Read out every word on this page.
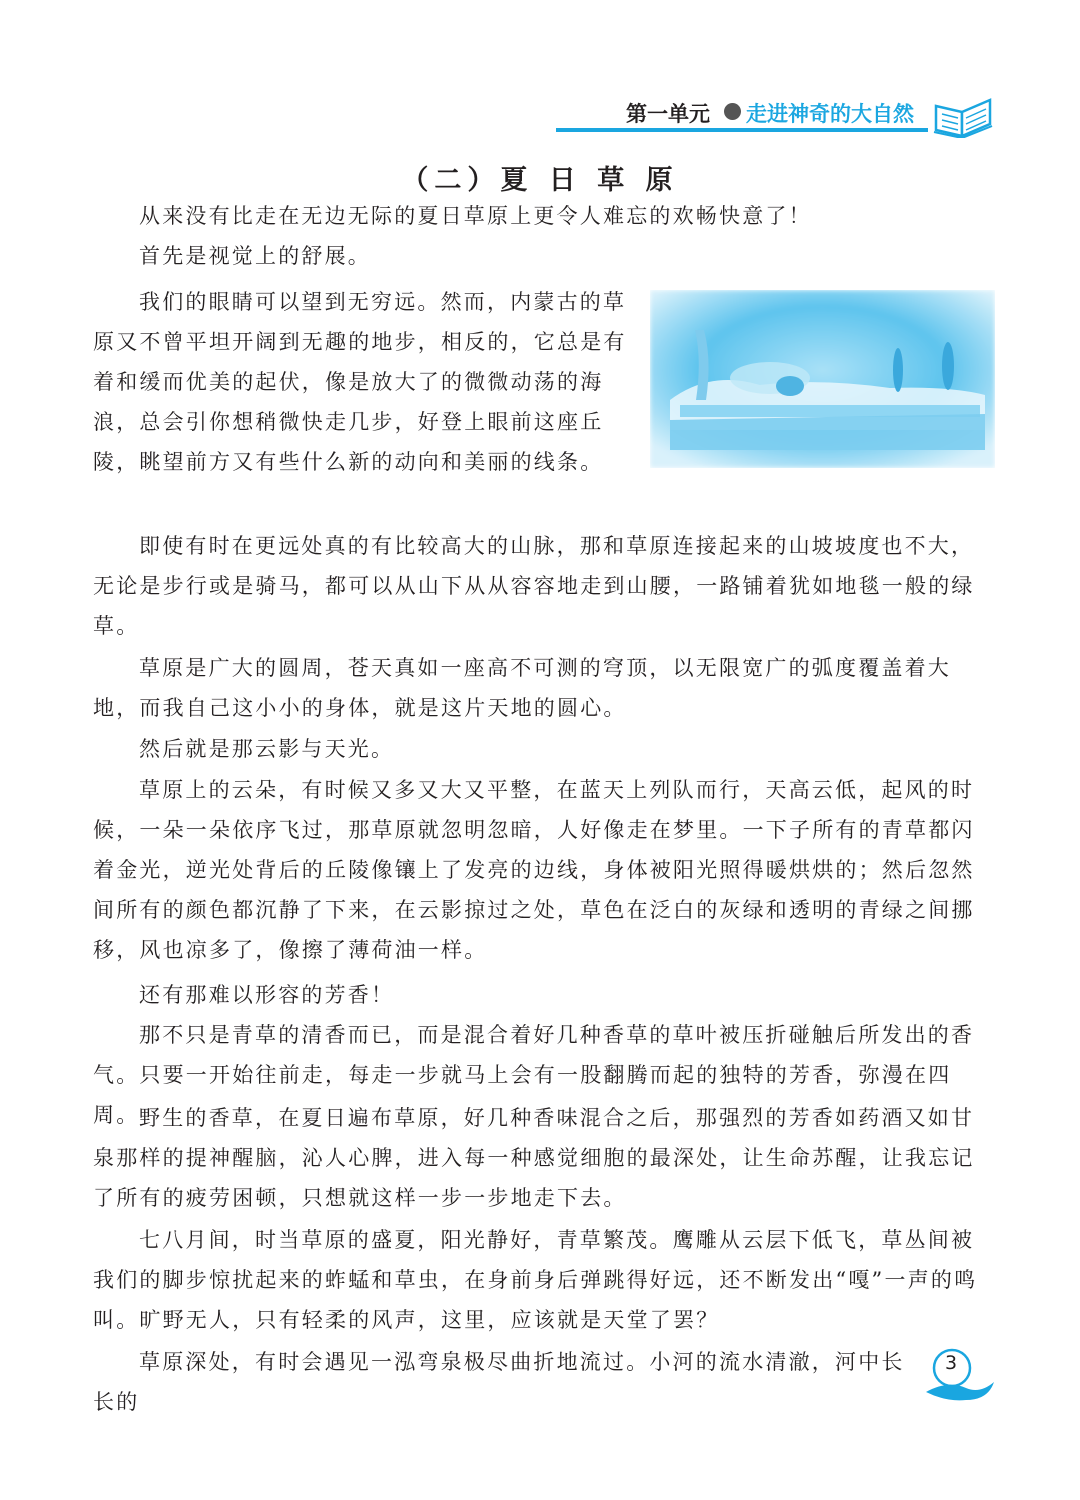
第一单元 走进神奇的大自然
（二）夏 日 草 原

从来没有比走在无边无际的夏日草原上更令人难忘的欢畅快意了！

首先是视觉上的舒展。

我们的眼睛可以望到无穷远。然而，内蒙古的草原又不曾平坦开阔到无趣的地步，相反的，它总是有着和缓而优美的起伏，像是放大了的微微动荡的海浪，总会引你想稍微快走几步，好登上眼前这座丘陵，眺望前方又有些什么新的动向和美丽的线条。

即使有时在更远处真的有比较高大的山脉，那和草原连接起来的山坡坡度也不大，无论是步行或是骑马，都可以从山下从从容容地走到山腰，一路铺着犹如地毯一般的绿草。

草原是广大的圆周，苍天真如一座高不可测的穹顶，以无限宽广的弧度覆盖着大地，而我自己这小小的身体，就是这片天地的圆心。

然后就是那云影与天光。

草原上的云朵，有时候又多又大又平整，在蓝天上列队而行，天高云低，起风的时候，一朵一朵依序飞过，那草原就忽明忽暗，人好像走在梦里。一下子所有的青草都闪着金光，逆光处背后的丘陵像镶上了发亮的边线，身体被阳光照得暖烘烘的；然后忽然间所有的颜色都沉静了下来，在云影掠过之处，草色在泛白的灰绿和透明的青绿之间挪移，风也凉多了，像擦了薄荷油一样。

还有那难以形容的芳香！

那不只是青草的清香而已，而是混合着好几种香草的草叶被压折碰触后所发出的香气。只要一开始往前走，每走一步就马上会有一股翻腾而起的独特的芳香，弥漫在四周。 野生的香草，在夏日遍布草原，好几种香味混合之后，那强烈的芳香如药酒又如甘泉那样的提神醒脑，沁人心脾，进入每一种感觉细胞的最深处，让生命苏醒，让我忘记了所有的疲劳困顿，只想就这样一步一步地走下去。

七八月间，时当草原的盛夏，阳光静好，青草繁茂。鹰雕从云层下低飞，草丛间被我们的脚步惊扰起来的蚱蜢和草虫，在身前身后弹跳得好远，还不断发出“嘎”一声的鸣叫。旷野无人，只有轻柔的风声，这里，应该就是天堂了罢？

草原深处，有时会遇见一泓弯泉极尽曲折地流过。小河的流水清澈，河中长长的

3
